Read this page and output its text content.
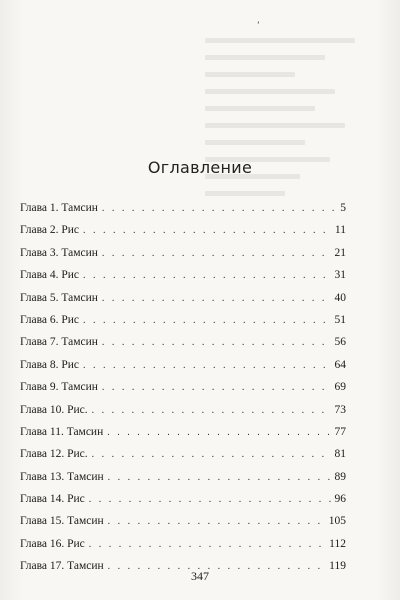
ʻ
Оглавление
Глава 1. Тамсин . . .	5
Глава 2. Рис . . .	11
Глава 3. Тамсин . . .	21
Глава 4. Рис . . .	31
Глава 5. Тамсин . . .	40
Глава 6. Рис . . .	51
Глава 7. Тамсин . . .	56
Глава 8. Рис . . .	64
Глава 9. Тамсин . . .	69
Глава 10. Рис. . . .	73
Глава 11. Тамсин . . .	77
Глава 12. Рис. . . .	81
Глава 13. Тамсин . . .	89
Глава 14. Рис . . .	96
Глава 15. Тамсин . . .	105
Глава 16. Рис . . .	112
Глава 17. Тамсин . . .	119
347
